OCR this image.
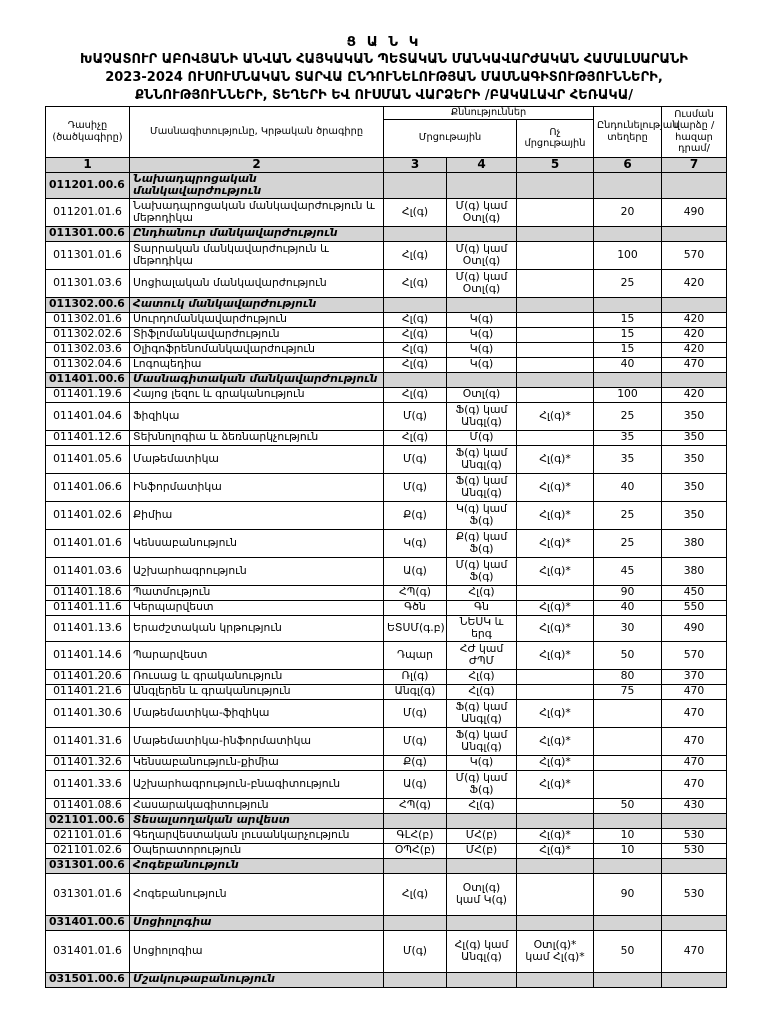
Ց Ա Ն Կ
ԽԱՉԱՏՈՒՐ ԱԲՈՎՅԱՆԻ ԱՆՎԱՆ ՀԱՅԿԱԿԱՆ ՊԵՏԱԿԱՆ ՄԱՆԿԱՎԱՐԺԱԿԱՆ ՀԱՄԱԼՍԱՐԱՆԻ
2023-2024 ՈՒՍՈՒՄՆԱԿԱՆ ՏԱՐՎԱ ԸՆԴՈՒՆԵԼՈՒԹՅԱՆ ՄԱՍՆԱԳԻՏՈՒԹՅՈՒՆՆԵՐԻ,
ՔՆՆՈՒԹՅՈՒՆՆԵՐԻ, ՏԵՂԵՐԻ ԵՎ ՈՒՍՄԱՆ ՎԱՐՁԵՐԻ /ԲԱԿԱԼԱՎՐ ՀԵՌԱԿԱ/
Դասիչը (ծածկագիրը)	Մասնագիտությունը, Կրթական ծրագիրը	Քննություններ			Ընդունելության տեղերը	Ուսման վարձը /հազար դրամ/
		Մրցութային		Ոչ մրցութային		
1	2	3	4	5	6	7
011201.00.6	Նախադպրոցական մանկավարժություն					
011201.01.6	Նախադպրոցական մանկավարժություն և մեթոդիկա	Հլ(գ)	Մ(գ) կամ Օտլ(գ)		20	490
011301.00.6	Ընդհանուր մանկավարժություն					
011301.01.6	Տարրական մանկավարժություն և մեթոդիկա	Հլ(գ)	Մ(գ) կամ Օտլ(գ)		100	570
011301.03.6	Սոցիալական մանկավարժություն	Հլ(գ)	Մ(գ) կամ Օտլ(գ)		25	420
011302.00.6	Հատուկ մանկավարժություն					
011302.01.6	Սուրդոմանկավարժություն	Հլ(գ)	Կ(գ)		15	420
011302.02.6	Տիֆլոմանկավարժություն	Հլ(գ)	Կ(գ)		15	420
011302.03.6	Օլիգոֆրենոմանկավարժություն	Հլ(գ)	Կ(գ)		15	420
011302.04.6	Լոգոպեդիա	Հլ(գ)	Կ(գ)		40	470
011401.00.6	Մասնագիտական մանկավարժություն					
011401.19.6	Հայոց լեզու և գրականություն	Հլ(գ)	Օտլ(գ)		100	420
011401.04.6	Ֆիզիկա	Մ(գ)	Ֆ(գ) կամ Անգլ(գ)	Հլ(գ)*	25	350
011401.12.6	Տեխնոլոգիա և ձեռնարկչություն	Հլ(գ)	Մ(գ)		35	350
011401.05.6	Մաթեմատիկա	Մ(գ)	Ֆ(գ) կամ Անգլ(գ)	Հլ(գ)*	35	350
011401.06.6	Ինֆորմատիկա	Մ(գ)	Ֆ(գ) կամ Անգլ(գ)	Հլ(գ)*	40	350
011401.02.6	Քիմիա	Ք(գ)	Կ(գ) կամ Ֆ(գ)	Հլ(գ)*	25	350
011401.01.6	Կենսաբանություն	Կ(գ)	Ք(գ) կամ Ֆ(գ)	Հլ(գ)*	25	380
011401.03.6	Աշխարհագրություն	Ա(գ)	Մ(գ) կամ Ֆ(գ)	Հլ(գ)*	45	380
011401.18.6	Պատմություն	ՀՊ(գ)	Հլ(գ)		90	450
011401.11.6	Կերպարվեստ	Գծն	Գն	Հլ(գ)*	40	550
011401.13.6	Երաժշտական կրթություն	ԵՏՍՄ(գ.բ)	ՆԵՍԿ և երգ	Հլ(գ)*	30	490
011401.14.6	Պարարվեստ	Դպար	ՀԺ կամ ԺՊՄ	Հլ(գ)*	50	570
011401.20.6	Ռուսաց և գրականություն	Ռլ(գ)	Հլ(գ)		80	370
011401.21.6	Անգլերեն և գրականություն	Անգլ(գ)	Հլ(գ)		75	470
011401.30.6	Մաթեմատիկա-ֆիզիկա	Մ(գ)	Ֆ(գ) կամ Անգլ(գ)	Հլ(գ)*		470
011401.31.6	Մաթեմատիկա-ինֆորմատիկա	Մ(գ)	Ֆ(գ) կամ Անգլ(գ)	Հլ(գ)*		470
011401.32.6	Կենսաբանություն-քիմիա	Ք(գ)	Կ(գ)	Հլ(գ)*		470
011401.33.6	Աշխարհագրություն-բնագիտություն	Ա(գ)	Մ(գ) կամ Ֆ(գ)	Հլ(գ)*		470
011401.08.6	Հասարակագիտություն	ՀՊ(գ)	Հլ(գ)		50	430
021101.00.6	Տեսալսողական արվեստ					
021101.01.6	Գեղարվեստական լուսանկարչություն	ԳԼՀ(բ)	ՄՀ(բ)	Հլ(գ)*	10	530
021101.02.6	Օպերատորություն	ՕՊՀ(բ)	ՄՀ(բ)	Հլ(գ)*	10	530
031301.00.6	Հոգեբանություն					
031301.01.6	Հոգեբանություն	Հլ(գ)	Օտլ(գ) կամ Կ(գ)		90	530
031401.00.6	Սոցիոլոգիա					
031401.01.6	Սոցիոլոգիա	Մ(գ)	Հլ(գ) կամ Անգլ(գ)	Օտլ(գ)* կամ Հլ(գ)*	50	470
031501.00.6	Մշակութաբանություն					
